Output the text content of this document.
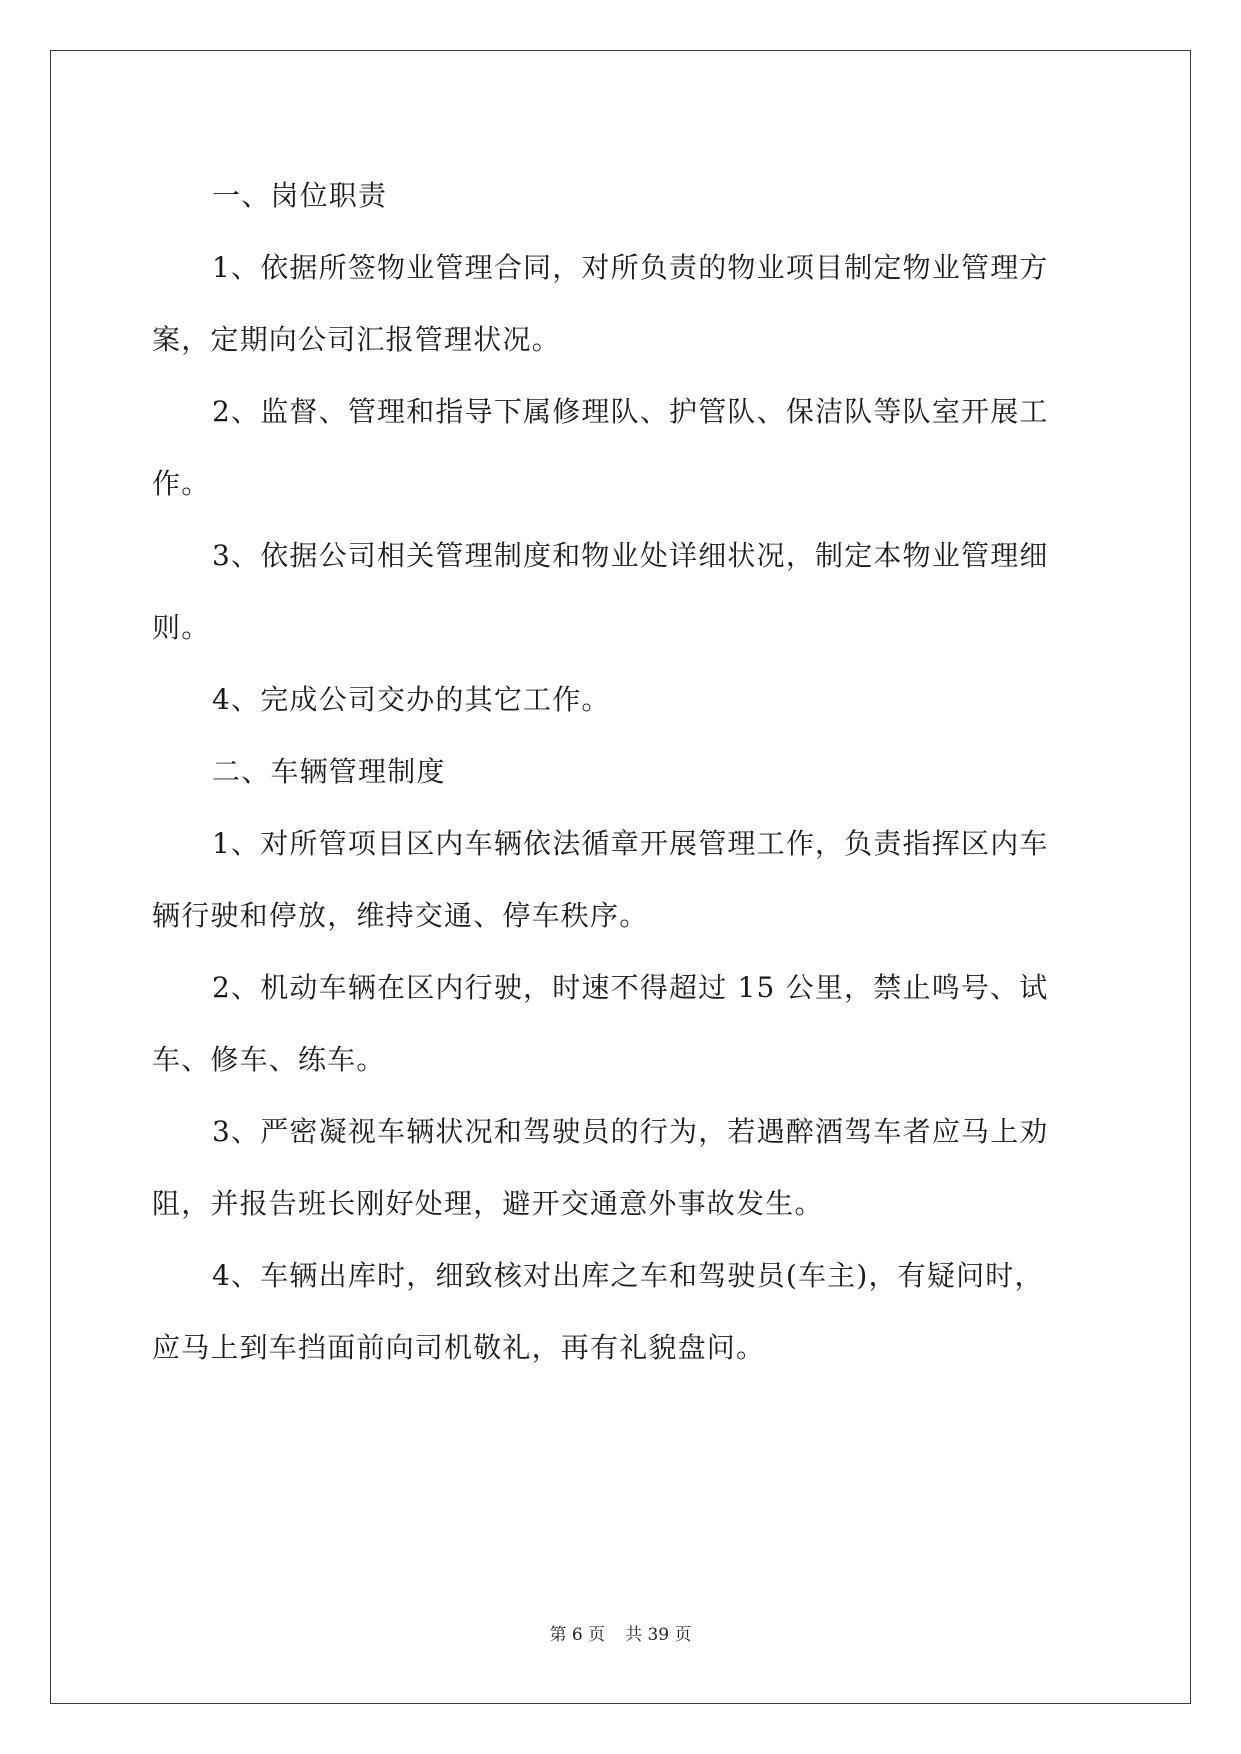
一、岗位职责

1、依据所签物业管理合同，对所负责的物业项目制定物业管理方

案，定期向公司汇报管理状况。

2、监督、管理和指导下属修理队、护管队、保洁队等队室开展工

作。

3、依据公司相关管理制度和物业处详细状况，制定本物业管理细

则。

4、完成公司交办的其它工作。

二、车辆管理制度

1、对所管项目区内车辆依法循章开展管理工作，负责指挥区内车

辆行驶和停放，维持交通、停车秩序。

2、机动车辆在区内行驶，时速不得超过 15 公里，禁止鸣号、试

车、修车、练车。

3、严密凝视车辆状况和驾驶员的行为，若遇醉酒驾车者应马上劝

阻，并报告班长刚好处理，避开交通意外事故发生。

4、车辆出库时，细致核对出库之车和驾驶员(车主)，有疑问时，

应马上到车挡面前向司机敬礼，再有礼貌盘问。

第 6 页 共 39 页
